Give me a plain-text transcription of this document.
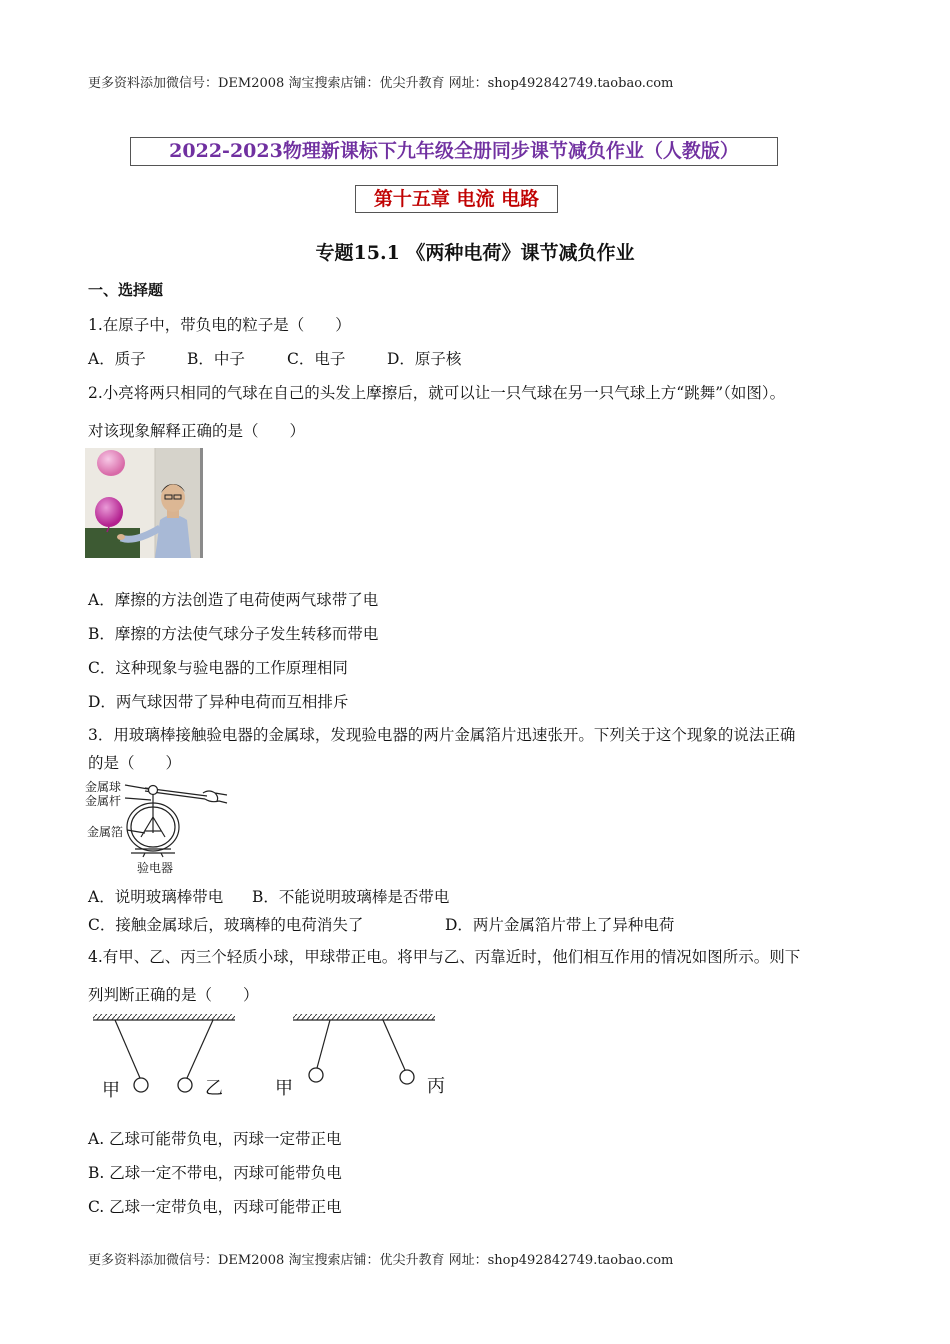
更多资料添加微信号：DEM2008 淘宝搜索店铺：优尖升教育 网址：shop492842749.taobao.com
2022-2023物理新课标下九年级全册同步课节减负作业（人教版）
第十五章 电流 电路
专题15.1 《两种电荷》课节减负作业
一、选择题
1.在原子中，带负电的粒子是（　　）
A．质子	B．中子	C．电子	D．原子核
2.小亮将两只相同的气球在自己的头发上摩擦后，就可以让一只气球在另一只气球上方“跳舞”（如图）。
对该现象解释正确的是（　　）
A．摩擦的方法创造了电荷使两气球带了电
B．摩擦的方法使气球分子发生转移而带电
C．这种现象与验电器的工作原理相同
D．两气球因带了异种电荷而互相排斥
3．用玻璃棒接触验电器的金属球，发现验电器的两片金属箔片迅速张开。下列关于这个现象的说法正确
的是（　　）
金属球
金属杆
金属箔
验电器
A．说明玻璃棒带电 B．不能说明玻璃棒是否带电
C．接触金属球后，玻璃棒的电荷消失了	D．两片金属箔片带上了异种电荷
4.有甲、乙、丙三个轻质小球，甲球带正电。将甲与乙、丙靠近时，他们相互作用的情况如图所示。则下
列判断正确的是（　　）
甲	乙	甲	丙
A. 乙球可能带负电，丙球一定带正电
B. 乙球一定不带电，丙球可能带负电
C. 乙球一定带负电，丙球可能带正电
更多资料添加微信号：DEM2008 淘宝搜索店铺：优尖升教育 网址：shop492842749.taobao.com
